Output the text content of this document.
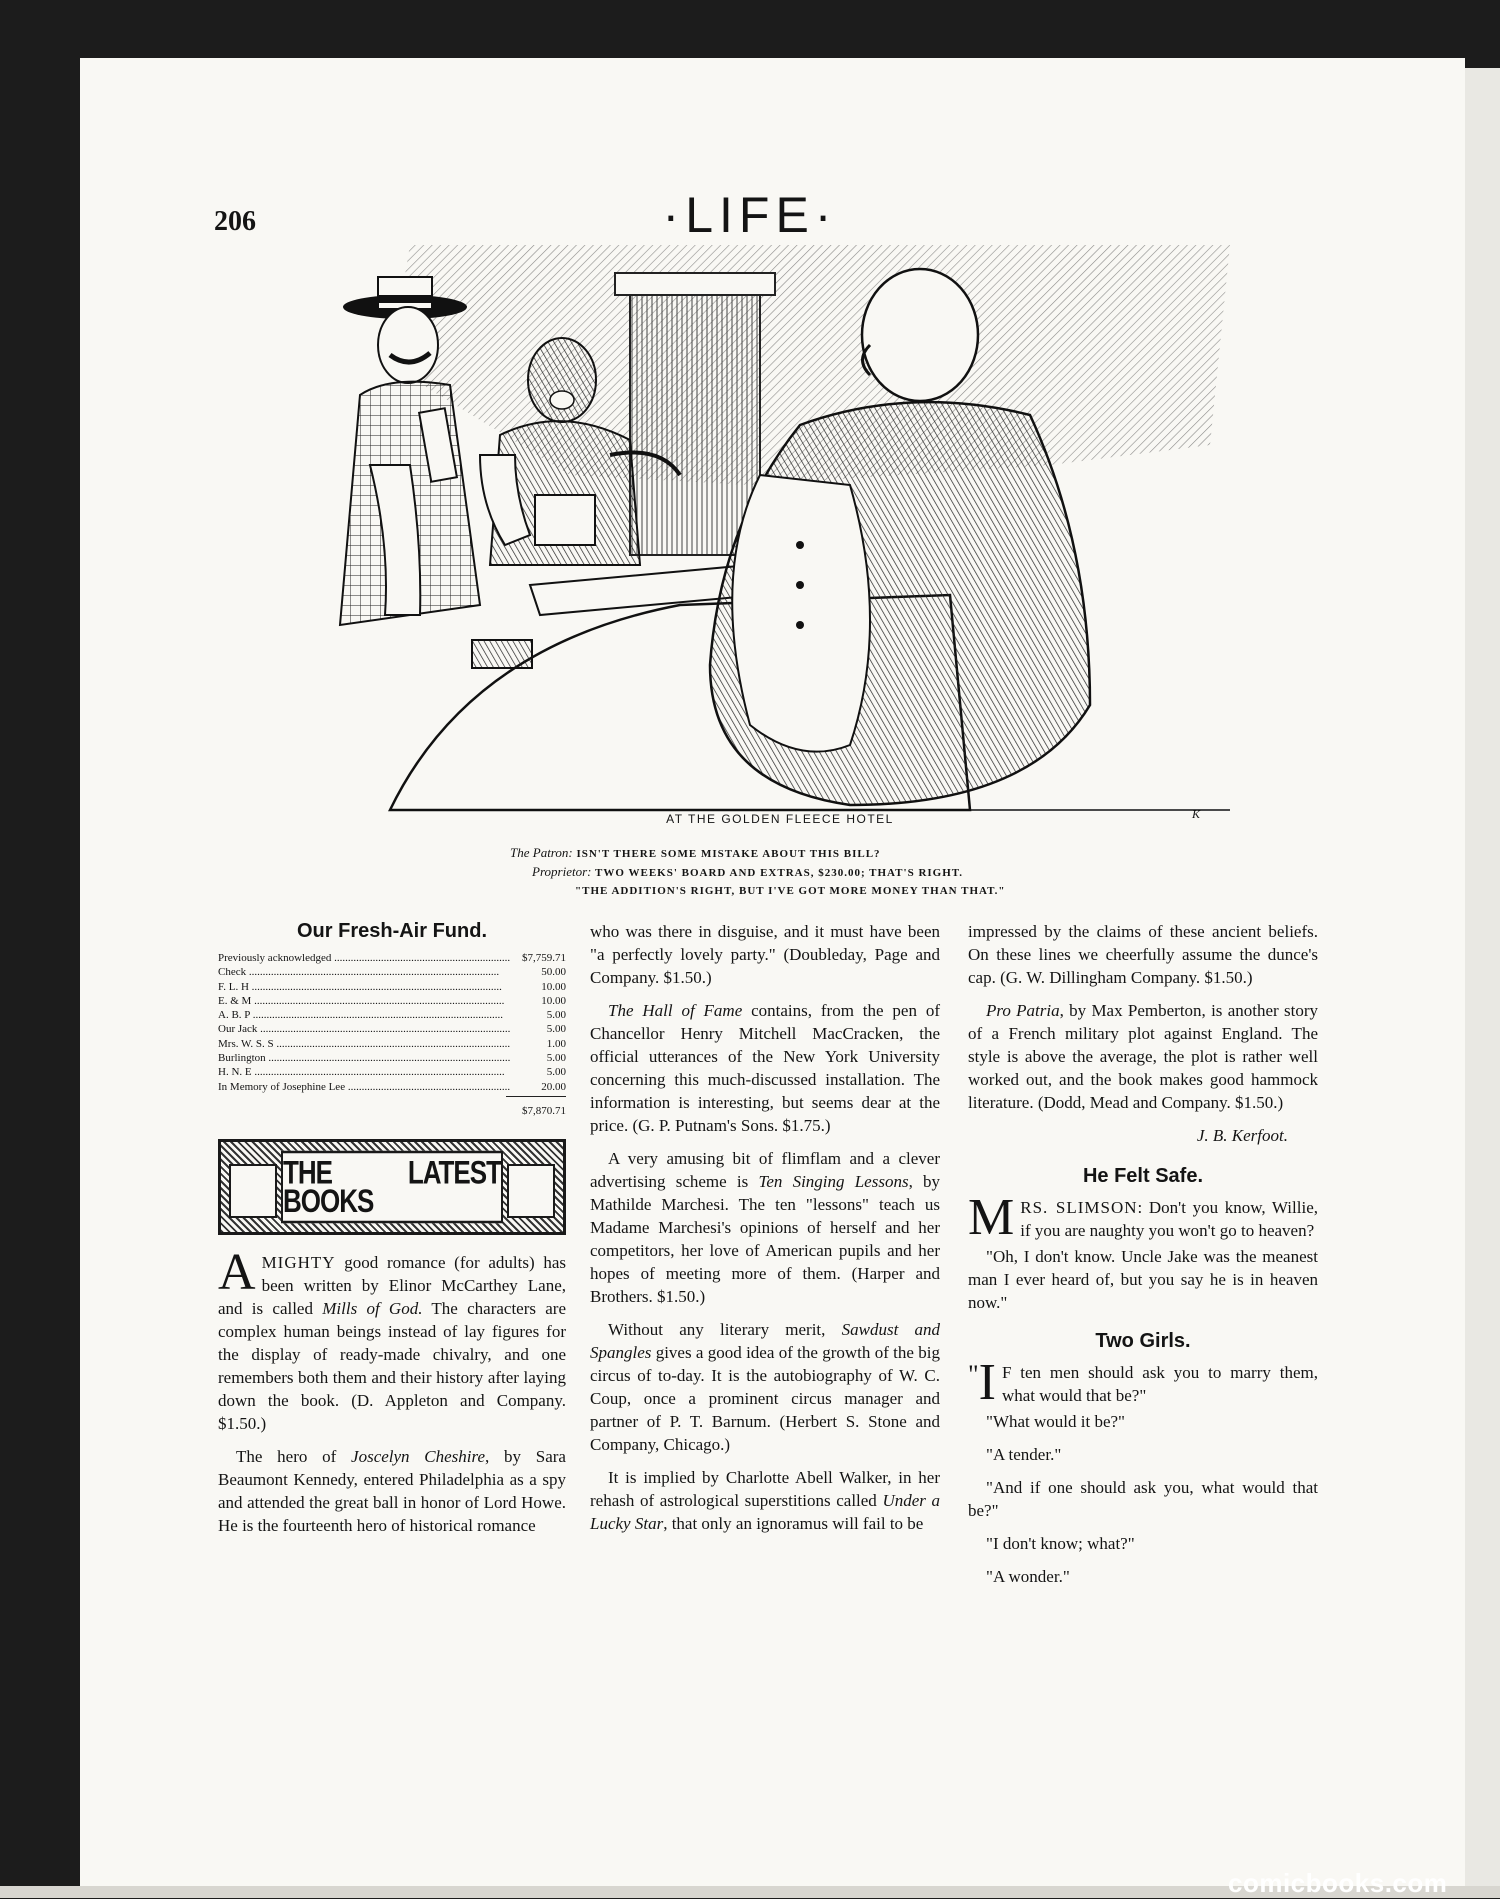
206	·LIFE·
AT THE GOLDEN FLEECE HOTEL	K
The Patron: ISN'T THERE SOME MISTAKE ABOUT THIS BILL?
Proprietor: TWO WEEKS' BOARD AND EXTRAS, $230.00; THAT'S RIGHT.
"THE ADDITION'S RIGHT, BUT I'VE GOT MORE MONEY THAN THAT."
Our Fresh-Air Fund.
Previously acknowledged .....	$7,759.71
Check .....	50.00
F. L. H .....	10.00
E. & M .....	10.00
A. B. P .....	5.00
Our Jack .....	5.00
Mrs. W. S. S .....	1.00
Burlington .....	5.00
H. N. E .....	5.00
In Memory of Josephine Lee .....	20.00
$7,870.71
THE LATEST BOOKS

AMIGHTY good romance (for adults) has been written by Elinor McCarthey Lane, and is called Mills of God. The characters are complex human beings instead of lay figures for the display of ready-made chivalry, and one remembers both them and their history after laying down the book. (D. Appleton and Company. $1.50.)

The hero of Joscelyn Cheshire, by Sara Beaumont Kennedy, entered Philadelphia as a spy and attended the great ball in honor of Lord Howe. He is the fourteenth hero of historical romance

who was there in disguise, and it must have been "a perfectly lovely party." (Doubleday, Page and Company. $1.50.)

The Hall of Fame contains, from the pen of Chancellor Henry Mitchell MacCracken, the official utterances of the New York University concerning this much-discussed installation. The information is interesting, but seems dear at the price. (G. P. Putnam's Sons. $1.75.)

A very amusing bit of flimflam and a clever advertising scheme is Ten Singing Lessons, by Mathilde Marchesi. The ten "lessons" teach us Madame Marchesi's opinions of herself and her competitors, her love of American pupils and her hopes of meeting more of them. (Harper and Brothers. $1.50.)

Without any literary merit, Sawdust and Spangles gives a good idea of the growth of the big circus of to-day. It is the autobiography of W. C. Coup, once a prominent circus manager and partner of P. T. Barnum. (Herbert S. Stone and Company, Chicago.)

It is implied by Charlotte Abell Walker, in her rehash of astrological superstitions called Under a Lucky Star, that only an ignoramus will fail to be

impressed by the claims of these ancient beliefs. On these lines we cheerfully assume the dunce's cap. (G. W. Dillingham Company. $1.50.)

Pro Patria, by Max Pemberton, is another story of a French military plot against England. The style is above the average, the plot is rather well worked out, and the book makes good hammock literature. (Dodd, Mead and Company. $1.50.)

J. B. Kerfoot.
He Felt Safe.

MRS. SLIMSON: Don't you know, Willie, if you are naughty you won't go to heaven?

"Oh, I don't know. Uncle Jake was the meanest man I ever heard of, but you say he is in heaven now."

Two Girls.

" I F ten men should ask you to marry them, what would that be?"

"What would it be?"

"A tender."

"And if one should ask you, what would that be?"

"I don't know; what?"

"A wonder."

comicbooks.com
